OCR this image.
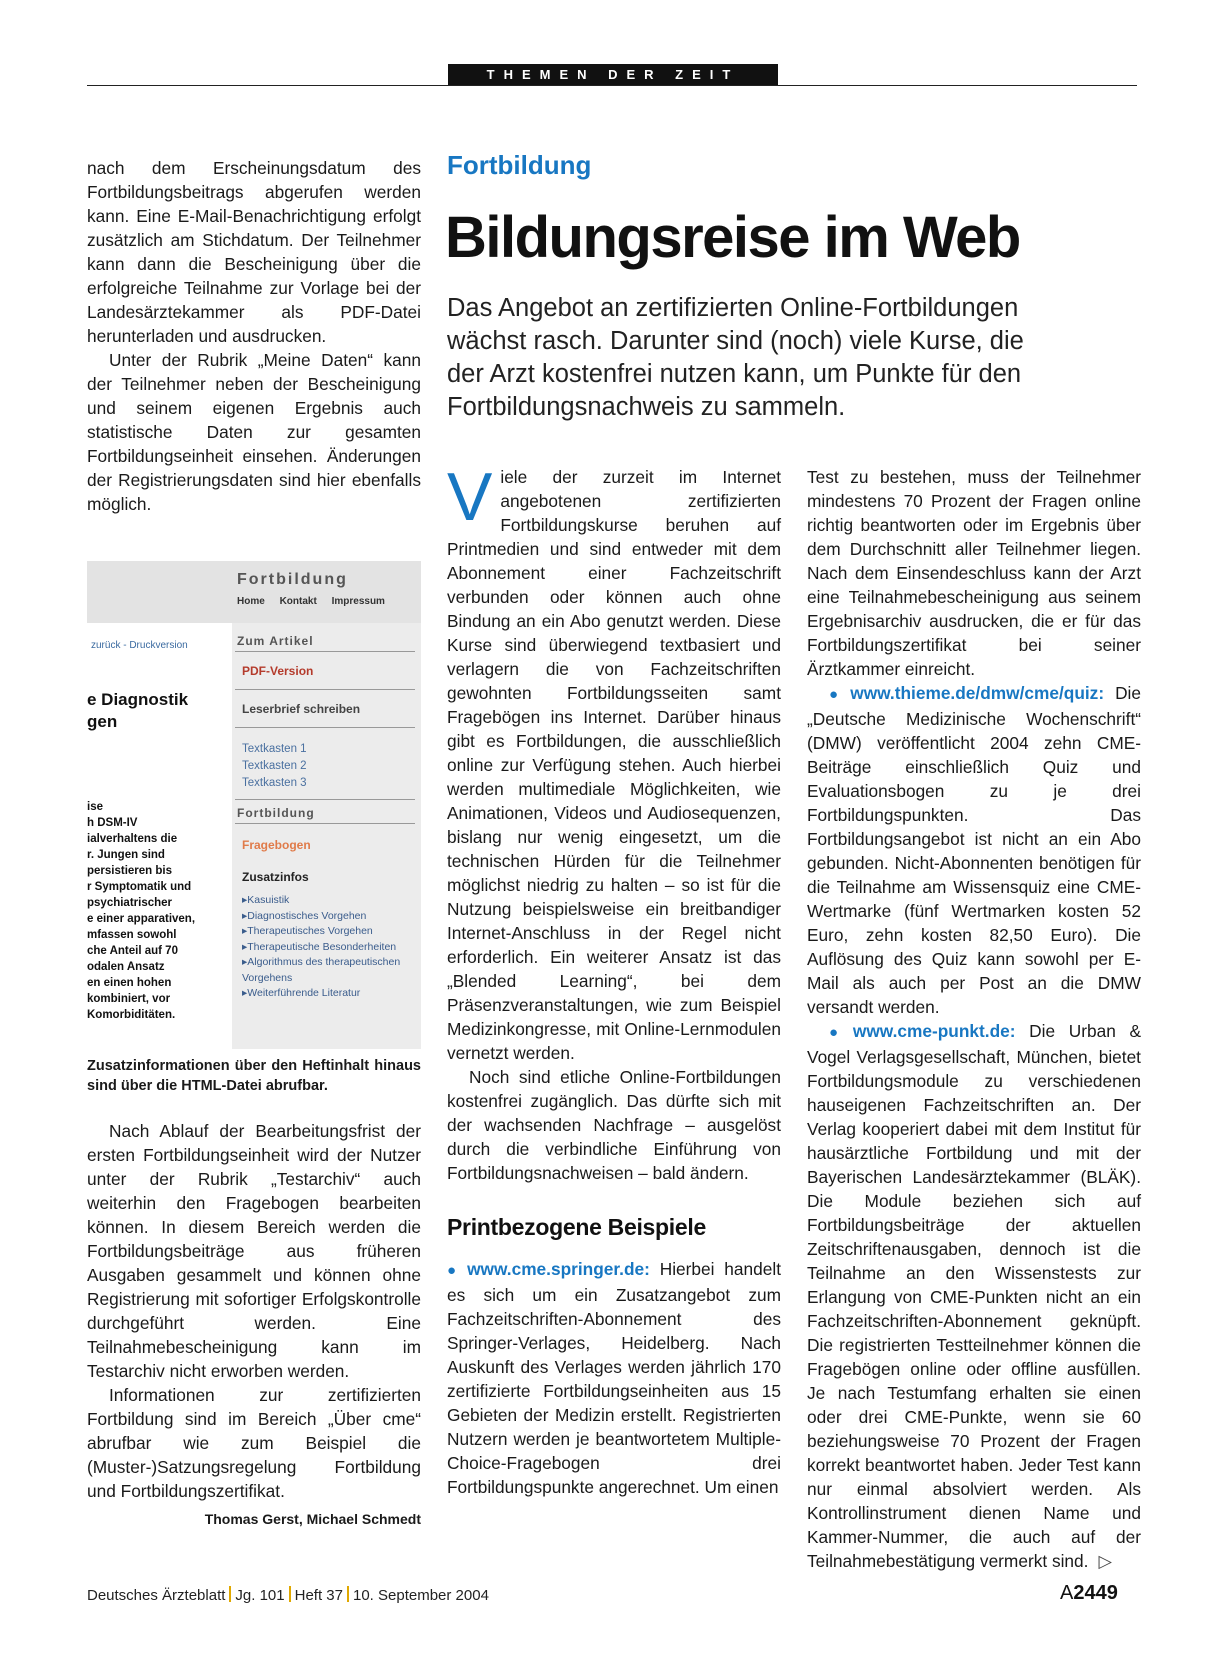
THEMEN DER ZEIT

nach dem Erscheinungsdatum des Fortbildungsbeitrags abgerufen werden kann. Eine E-Mail-Benachrichtigung erfolgt zusätzlich am Stichdatum. Der Teilnehmer kann dann die Bescheinigung über die erfolgreiche Teilnahme zur Vorlage bei der Landesärztekammer als PDF-Datei herunterladen und ausdrucken.

Unter der Rubrik „Meine Daten“ kann der Teilnehmer neben der Bescheinigung und seinem eigenen Ergebnis auch statistische Daten zur gesamten Fortbildungseinheit einsehen. Änderungen der Registrierungsdaten sind hier ebenfalls möglich.

Fortbildung
Home Kontakt Impressum
zurück - Druckversion
e Diagnostik
gen
ise
h DSM-IV
ialverhaltens die
r. Jungen sind
persistieren bis
r Symptomatik und
psychiatrischer
e einer apparativen,
mfassen sowohl
che Anteil auf 70
odalen Ansatz
en einen hohen
kombiniert, vor
Komorbiditäten.
Zum Artikel
PDF-Version
Leserbrief schreiben
Textkasten 1
Textkasten 2
Textkasten 3
Fortbildung
Fragebogen
Zusatzinfos
▸Kasuistik
▸Diagnostisches Vorgehen
▸Therapeutisches Vorgehen
▸Therapeutische Besonderheiten
▸Algorithmus des therapeutischen Vorgehens
▸Weiterführende Literatur
Zusatzinformationen über den Heftinhalt hinaus sind über die HTML-Datei abrufbar.

Nach Ablauf der Bearbeitungsfrist der ersten Fortbildungseinheit wird der Nutzer unter der Rubrik „Testarchiv“ auch weiterhin den Fragebogen bearbeiten können. In diesem Bereich werden die Fortbildungsbeiträge aus früheren Ausgaben gesammelt und können ohne Registrierung mit sofortiger Erfolgskontrolle durchgeführt werden. Eine Teilnahmebescheinigung kann im Testarchiv nicht erworben werden.

Informationen zur zertifizierten Fortbildung sind im Bereich „Über cme“ abrufbar wie zum Beispiel die (Muster-)Satzungsregelung Fortbildung und Fortbildungszertifikat.

Thomas Gerst, Michael Schmedt
Fortbildung
Bildungsreise im Web
Das Angebot an zertifizierten Online-Fortbildungen wächst rasch. Darunter sind (noch) viele Kurse, die der Arzt kostenfrei nutzen kann, um Punkte für den Fortbildungsnachweis zu sammeln.

Viele der zurzeit im Internet angebotenen zertifizierten Fortbildungskurse beruhen auf Printmedien und sind entweder mit dem Abonnement einer Fachzeitschrift verbunden oder können auch ohne Bindung an ein Abo genutzt werden. Diese Kurse sind überwiegend textbasiert und verlagern die von Fachzeitschriften gewohnten Fortbildungsseiten samt Fragebögen ins Internet. Darüber hinaus gibt es Fortbildungen, die ausschließlich online zur Verfügung stehen. Auch hierbei werden multimediale Möglichkeiten, wie Animationen, Videos und Audiosequenzen, bislang nur wenig eingesetzt, um die technischen Hürden für die Teilnehmer möglichst niedrig zu halten – so ist für die Nutzung beispielsweise ein breitbandiger Internet-Anschluss in der Regel nicht erforderlich. Ein weiterer Ansatz ist das „Blended Learning“, bei dem Präsenzveranstaltungen, wie zum Beispiel Medizinkongresse, mit Online-Lernmodulen vernetzt werden.

Noch sind etliche Online-Fortbildungen kostenfrei zugänglich. Das dürfte sich mit der wachsenden Nachfrage – ausgelöst durch die verbindliche Einführung von Fortbildungsnachweisen – bald ändern.

Printbezogene Beispiele

● www.cme.springer.de: Hierbei handelt es sich um ein Zusatzangebot zum Fachzeitschriften-Abonnement des Springer-Verlages, Heidelberg. Nach Auskunft des Verlages werden jährlich 170 zertifizierte Fortbildungseinheiten aus 15 Gebieten der Medizin erstellt. Registrierten Nutzern werden je beantwortetem Multiple-Choice-Fragebogen drei Fortbildungspunkte angerechnet. Um einen

Test zu bestehen, muss der Teilnehmer mindestens 70 Prozent der Fragen online richtig beantworten oder im Ergebnis über dem Durchschnitt aller Teilnehmer liegen. Nach dem Einsendeschluss kann der Arzt eine Teilnahmebescheinigung aus seinem Ergebnisarchiv ausdrucken, die er für das Fortbildungszertifikat bei seiner Ärztkammer einreicht.

● www.thieme.de/dmw/cme/quiz: Die „Deutsche Medizinische Wochenschrift“ (DMW) veröffentlicht 2004 zehn CME-Beiträge einschließlich Quiz und Evaluationsbogen zu je drei Fortbildungspunkten. Das Fortbildungsangebot ist nicht an ein Abo gebunden. Nicht-Abonnenten benötigen für die Teilnahme am Wissensquiz eine CME-Wertmarke (fünf Wertmarken kosten 52 Euro, zehn kosten 82,50 Euro). Die Auflösung des Quiz kann sowohl per E-Mail als auch per Post an die DMW versandt werden.

● www.cme-punkt.de: Die Urban & Vogel Verlagsgesellschaft, München, bietet Fortbildungsmodule zu verschiedenen hauseigenen Fachzeitschriften an. Der Verlag kooperiert dabei mit dem Institut für hausärztliche Fortbildung und mit der Bayerischen Landesärztekammer (BLÄK). Die Module beziehen sich auf Fortbildungsbeiträge der aktuellen Zeitschriftenausgaben, dennoch ist die Teilnahme an den Wissenstests zur Erlangung von CME-Punkten nicht an ein Fachzeitschriften-Abonnement geknüpft. Die registrierten Testteilnehmer können die Fragebögen online oder offline ausfüllen. Je nach Testumfang erhalten sie einen oder drei CME-Punkte, wenn sie 60 beziehungsweise 70 Prozent der Fragen korrekt beantwortet haben. Jeder Test kann nur einmal absolviert werden. Als Kontrollinstrument dienen Name und Kammer-Nummer, die auch auf der Teilnahmebestätigung vermerkt sind. ▷

Deutsches Ärzteblatt Jg. 101 Heft 37 10. September 2004	A2449
